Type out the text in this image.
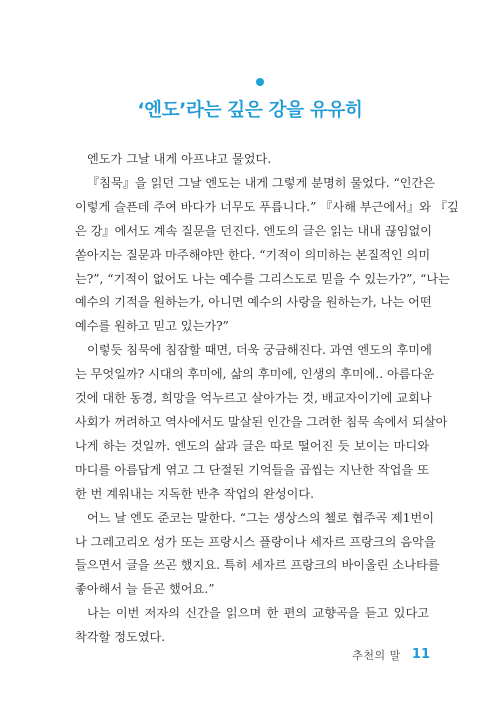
‘엔도’라는 깊은 강을 유유히

엔도가 그날 내게 아프냐고 물었다.

『침묵』을 읽던 그날 엔도는 내게 그렇게 분명히 물었다. “인간은
이렇게 슬픈데 주여 바다가 너무도 푸릅니다.” 『사해 부근에서』와 『깊
은 강』에서도 계속 질문을 던진다. 엔도의 글은 읽는 내내 끊임없이
쏟아지는 질문과 마주해야만 한다. “기적이 의미하는 본질적인 의미
는?”, “기적이 없어도 나는 예수를 그리스도로 믿을 수 있는가?”, “나는
예수의 기적을 원하는가, 아니면 예수의 사랑을 원하는가, 나는 어떤
예수를 원하고 믿고 있는가?”

이렇듯 침묵에 침잠할 때면, 더욱 궁금해진다. 과연 엔도의 후미에
는 무엇일까? 시대의 후미에, 삶의 후미에, 인생의 후미에.. 아름다운
것에 대한 동경, 희망을 억누르고 살아가는 것, 배교자이기에 교회나
사회가 꺼려하고 역사에서도 말살된 인간을 그려한 침묵 속에서 되살아
나게 하는 것일까. 엔도의 삶과 글은 따로 떨어진 듯 보이는 마디와
마디를 아름답게 엮고 그 단절된 기억들을 곱씹는 지난한 작업을 또
한 번 계워내는 지독한 반추 작업의 완성이다.

어느 날 엔도 준코는 말한다. “그는 생상스의 첼로 협주곡 제1번이
나 그레고리오 성가 또는 프랑시스 플랑이나 세자르 프랑크의 음악을
들으면서 글을 쓰곤 했지요. 특히 세자르 프랑크의 바이올린 소나타를
좋아해서 늘 듣곤 했어요.”

나는 이번 저자의 신간을 읽으며 한 편의 교향곡을 듣고 있다고
착각할 정도였다.

추천의 말 11
